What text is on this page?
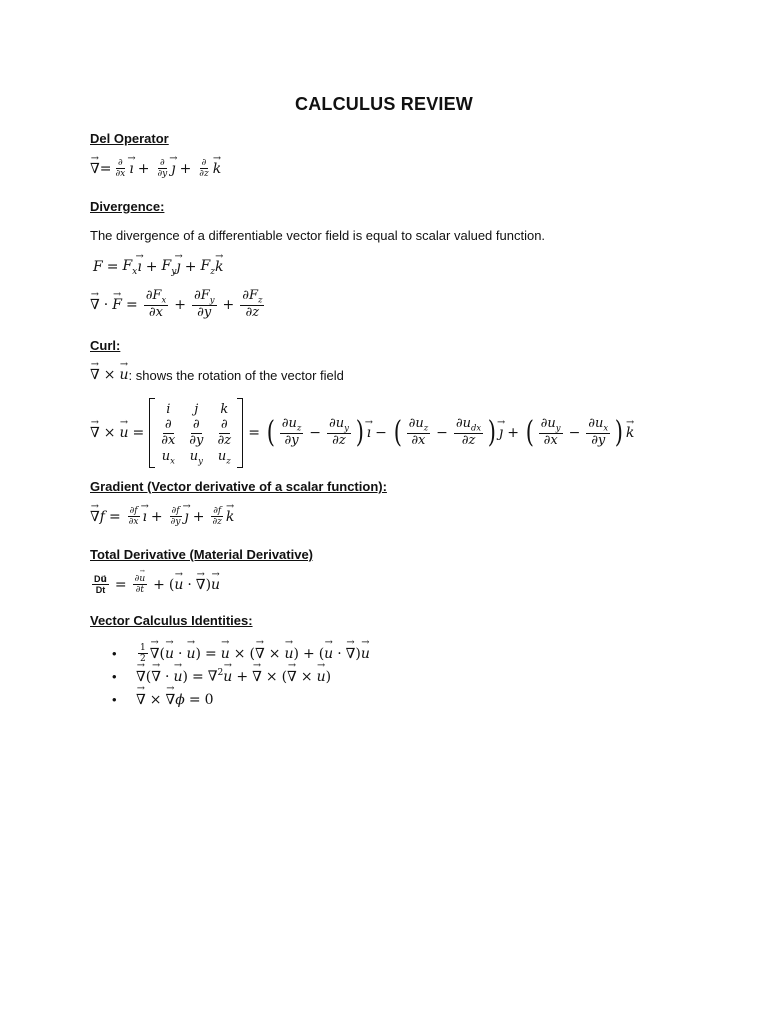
CALCULUS REVIEW
Del Operator
→ ∇ = $\frac{\partial}{\partial x}$
→ ı + $\frac{\partial}{\partial y}$
→ ȷ + $\frac{\partial}{\partial z}$
→ k
Divergence:
The divergence of a differentiable vector field is equal to scalar valued function.
$F = F_x$
→ ı + $F_y$
→ ȷ + $F_z$
→ k
→ ∇ ·
→ $F = \frac{\partial F_x}{\partial x} + \frac{\partial F_y}{\partial y} + \frac{\partial F_z}{\partial z}$
Curl:
→ ∇ ×
→ u : shows the rotation of the vector field
→ ∇ ×
→ u =
i j k
$\frac{\partial}{\partial x} \frac{\partial}{\partial y} \frac{\partial}{\partial z}$
$u_x$ $u_y$ $u_z$
= ( $\frac{\partial u_z}{\partial y} - \frac{\partial u_y}{\partial z}$ )
→ ı − ( $\frac{\partial u_z}{\partial x} - \frac{\partial u_{dx}}{\partial z}$ )
→ ȷ + ( $\frac{\partial u_y}{\partial x} - \frac{\partial u_x}{\partial y}$ )
→ k
Gradient (Vector derivative of a scalar function):
→ ∇ $f = \frac{\partial f}{\partial x}$
→ ı + $\frac{\partial f}{\partial y}$
→ ȷ + $\frac{\partial f}{\partial z}$
→ k
Total Derivative (Material Derivative)
$\frac{Du⃗}{Dt} = \frac{\partial\to u}{\partial t}$ + (
→ u ·
→ ∇ )
→ u
Vector Calculus Identities:
•	$\frac{1}{2}$
→ ∇ (
→ u ·
→ u ) =
→ u × (
→ ∇ ×
→ u ) + (
→ u ·
→ ∇ )
→ u
•
→	∇ (
→ ∇ ·
→ u ) = ∇$^2$
→ u +
→ ∇ × (
→ ∇ ×
→ u )
•
→	∇ ×
→ ∇ ϕ = 0
